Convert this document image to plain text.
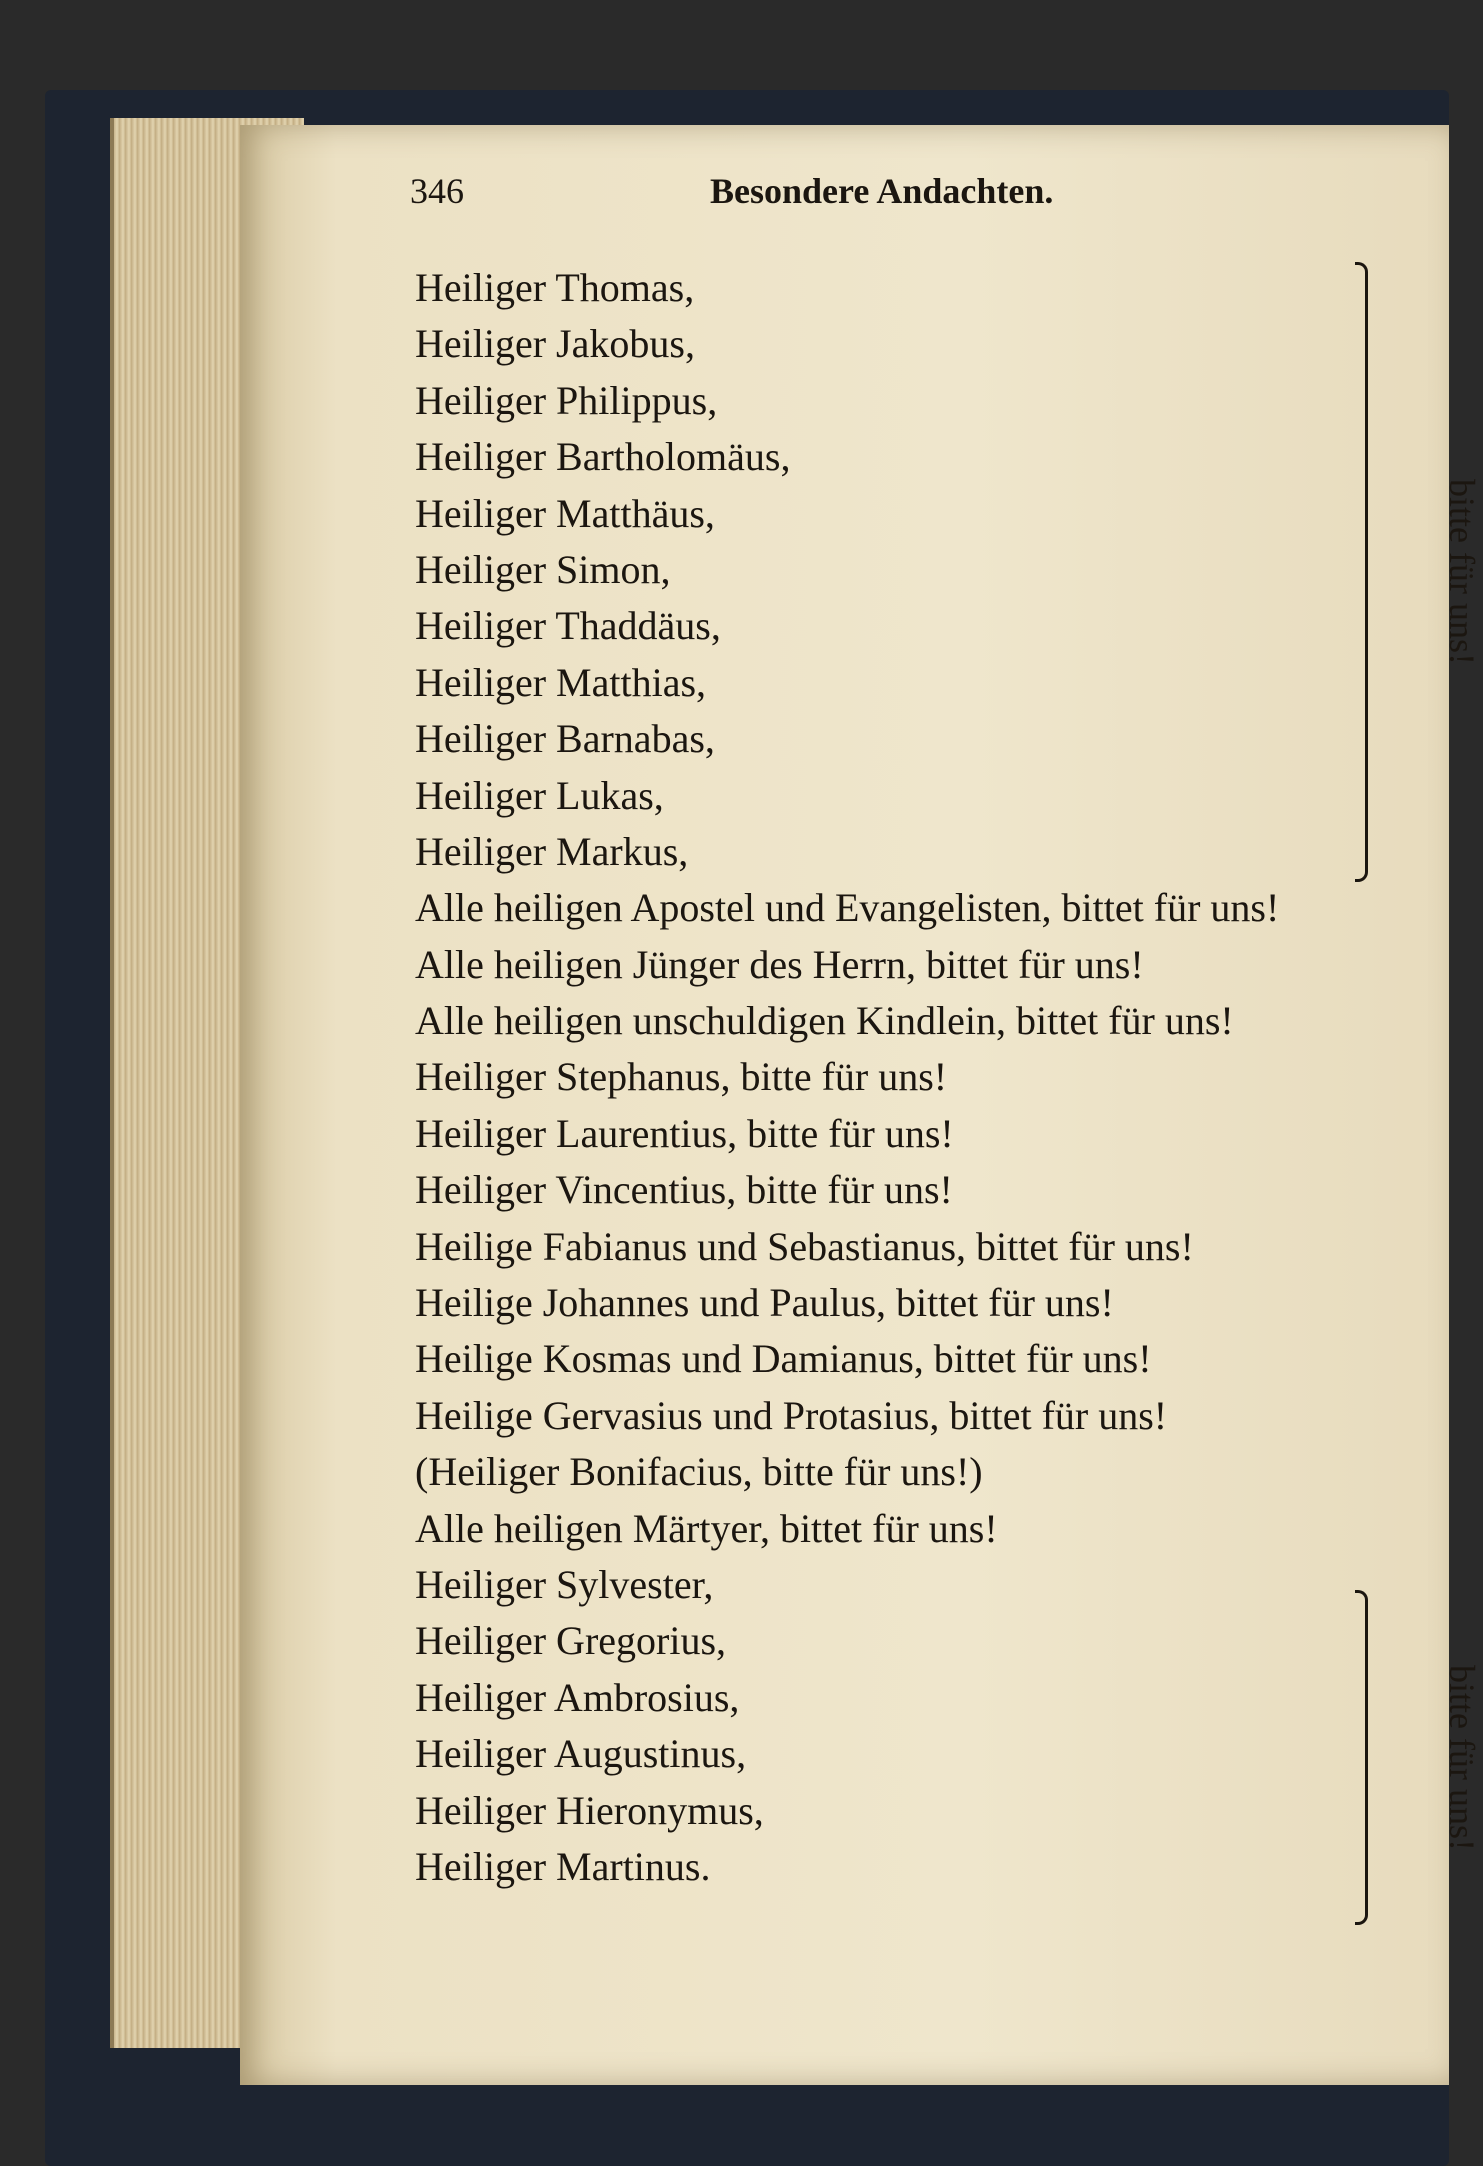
346	Besondere Andachten.
Heiliger Thomas,
Heiliger Jakobus,
Heiliger Philippus,
Heiliger Bartholomäus,
Heiliger Matthäus,
Heiliger Simon,
Heiliger Thaddäus,
Heiliger Matthias,
Heiliger Barnabas,
Heiliger Lukas,
Heiliger Markus,
Alle heiligen Apostel und Evangelisten, bittet für uns!
Alle heiligen Jünger des Herrn, bittet für uns!
Alle heiligen unschuldigen Kindlein, bittet für uns!
Heiliger Stephanus, bitte für uns!
Heiliger Laurentius, bitte für uns!
Heiliger Vincentius, bitte für uns!
Heilige Fabianus und Sebastianus, bittet für uns!
Heilige Johannes und Paulus, bittet für uns!
Heilige Kosmas und Damianus, bittet für uns!
Heilige Gervasius und Protasius, bittet für uns!
(Heiliger Bonifacius, bitte für uns!)
Alle heiligen Märtyer, bittet für uns!
Heiliger Sylvester,
Heiliger Gregorius,
Heiliger Ambrosius,
Heiliger Augustinus,
Heiliger Hieronymus,
Heiliger Martinus.
bitte für uns!
bitte für uns!
